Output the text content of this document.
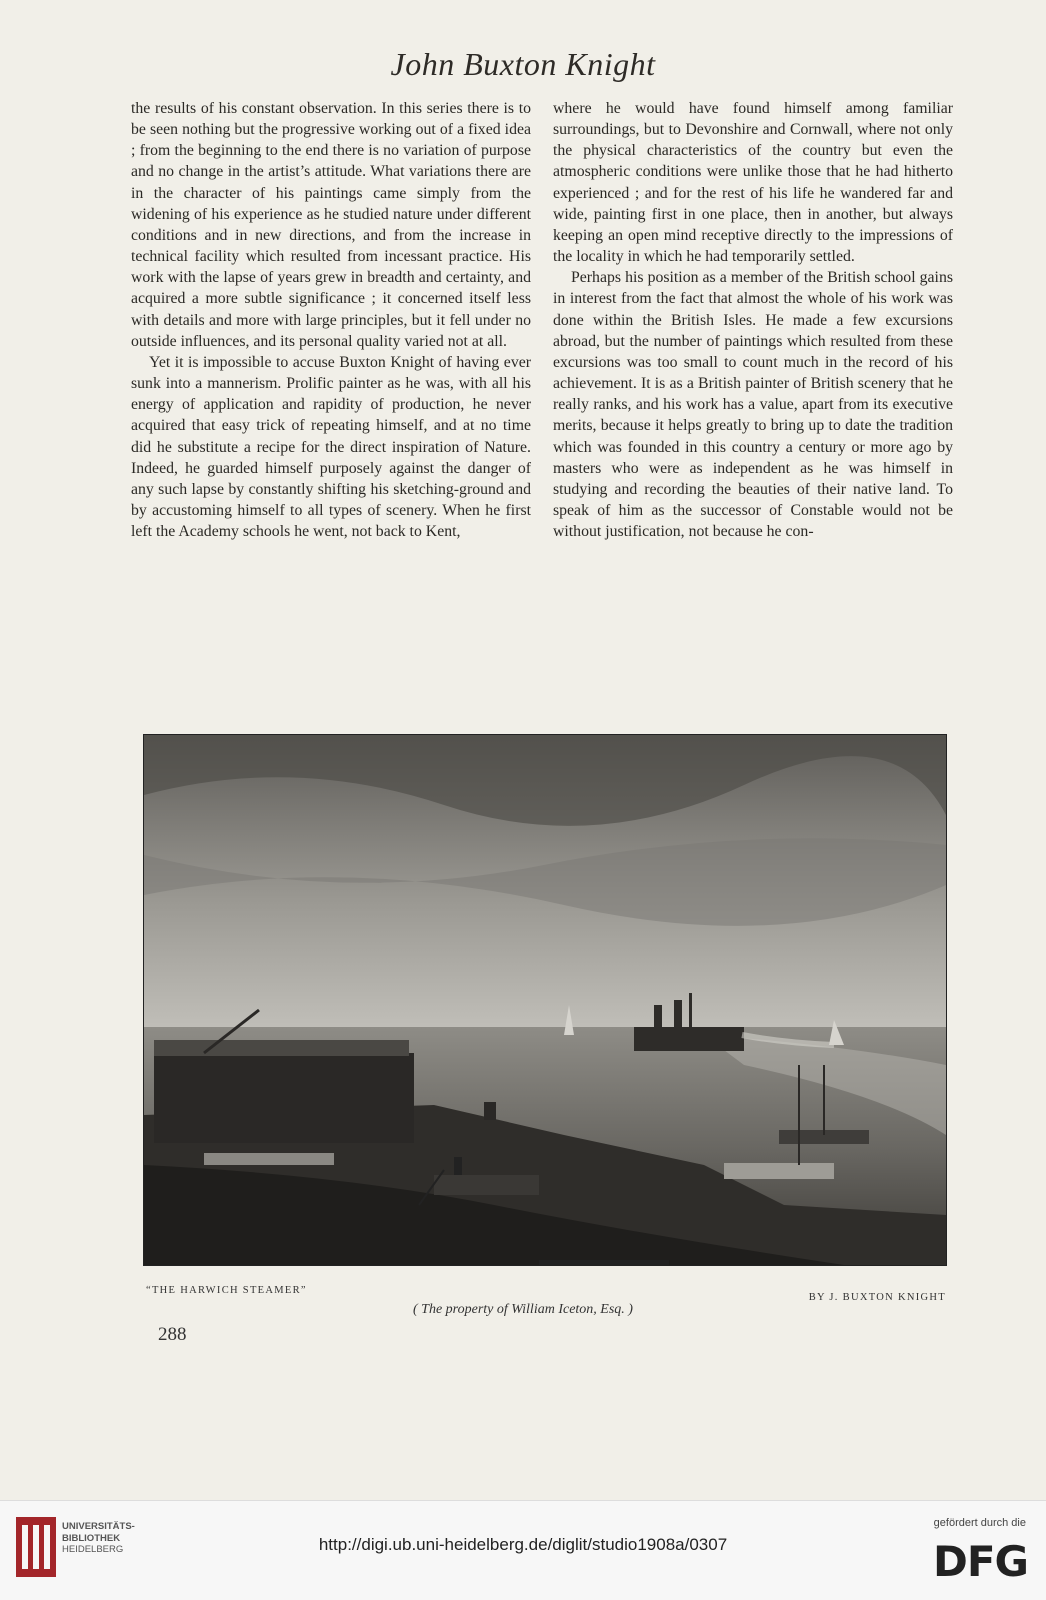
John Buxton Knight

the results of his constant observation. In this series there is to be seen nothing but the progressive working out of a fixed idea ; from the beginning to the end there is no variation of purpose and no change in the artist’s attitude. What variations there are in the character of his paintings came simply from the widening of his experience as he studied nature under different conditions and in new directions, and from the increase in technical facility which resulted from incessant practice. His work with the lapse of years grew in breadth and certainty, and acquired a more subtle significance ; it concerned itself less with details and more with large principles, but it fell under no outside influences, and its personal quality varied not at all.

Yet it is impossible to accuse Buxton Knight of having ever sunk into a mannerism. Prolific painter as he was, with all his energy of application and rapidity of production, he never acquired that easy trick of repeating himself, and at no time did he substitute a recipe for the direct inspiration of Nature. Indeed, he guarded himself purposely against the danger of any such lapse by constantly shifting his sketching-ground and by accustoming himself to all types of scenery. When he first left the Academy schools he went, not back to Kent,

where he would have found himself among familiar surroundings, but to Devonshire and Cornwall, where not only the physical characteristics of the country but even the atmospheric conditions were unlike those that he had hitherto experienced ; and for the rest of his life he wandered far and wide, painting first in one place, then in another, but always keeping an open mind receptive directly to the impressions of the locality in which he had temporarily settled.

Perhaps his position as a member of the British school gains in interest from the fact that almost the whole of his work was done within the British Isles. He made a few excursions abroad, but the number of paintings which resulted from these excursions was too small to count much in the record of his achievement. It is as a British painter of British scenery that he really ranks, and his work has a value, apart from its executive merits, because it helps greatly to bring up to date the tradition which was founded in this country a century or more ago by masters who were as independent as he was himself in studying and recording the beauties of their native land. To speak of him as the successor of Constable would not be without justification, not because he con-

“THE HARWICH STEAMER”
BY J. BUXTON KNIGHT
( The property of William Iceton, Esq. )
288
UNIVERSITÄTS-
BIBLIOTHEK
HEIDELBERG	http://digi.ub.uni-heidelberg.de/diglit/studio1908a/0307
gefördert durch die
DFG
